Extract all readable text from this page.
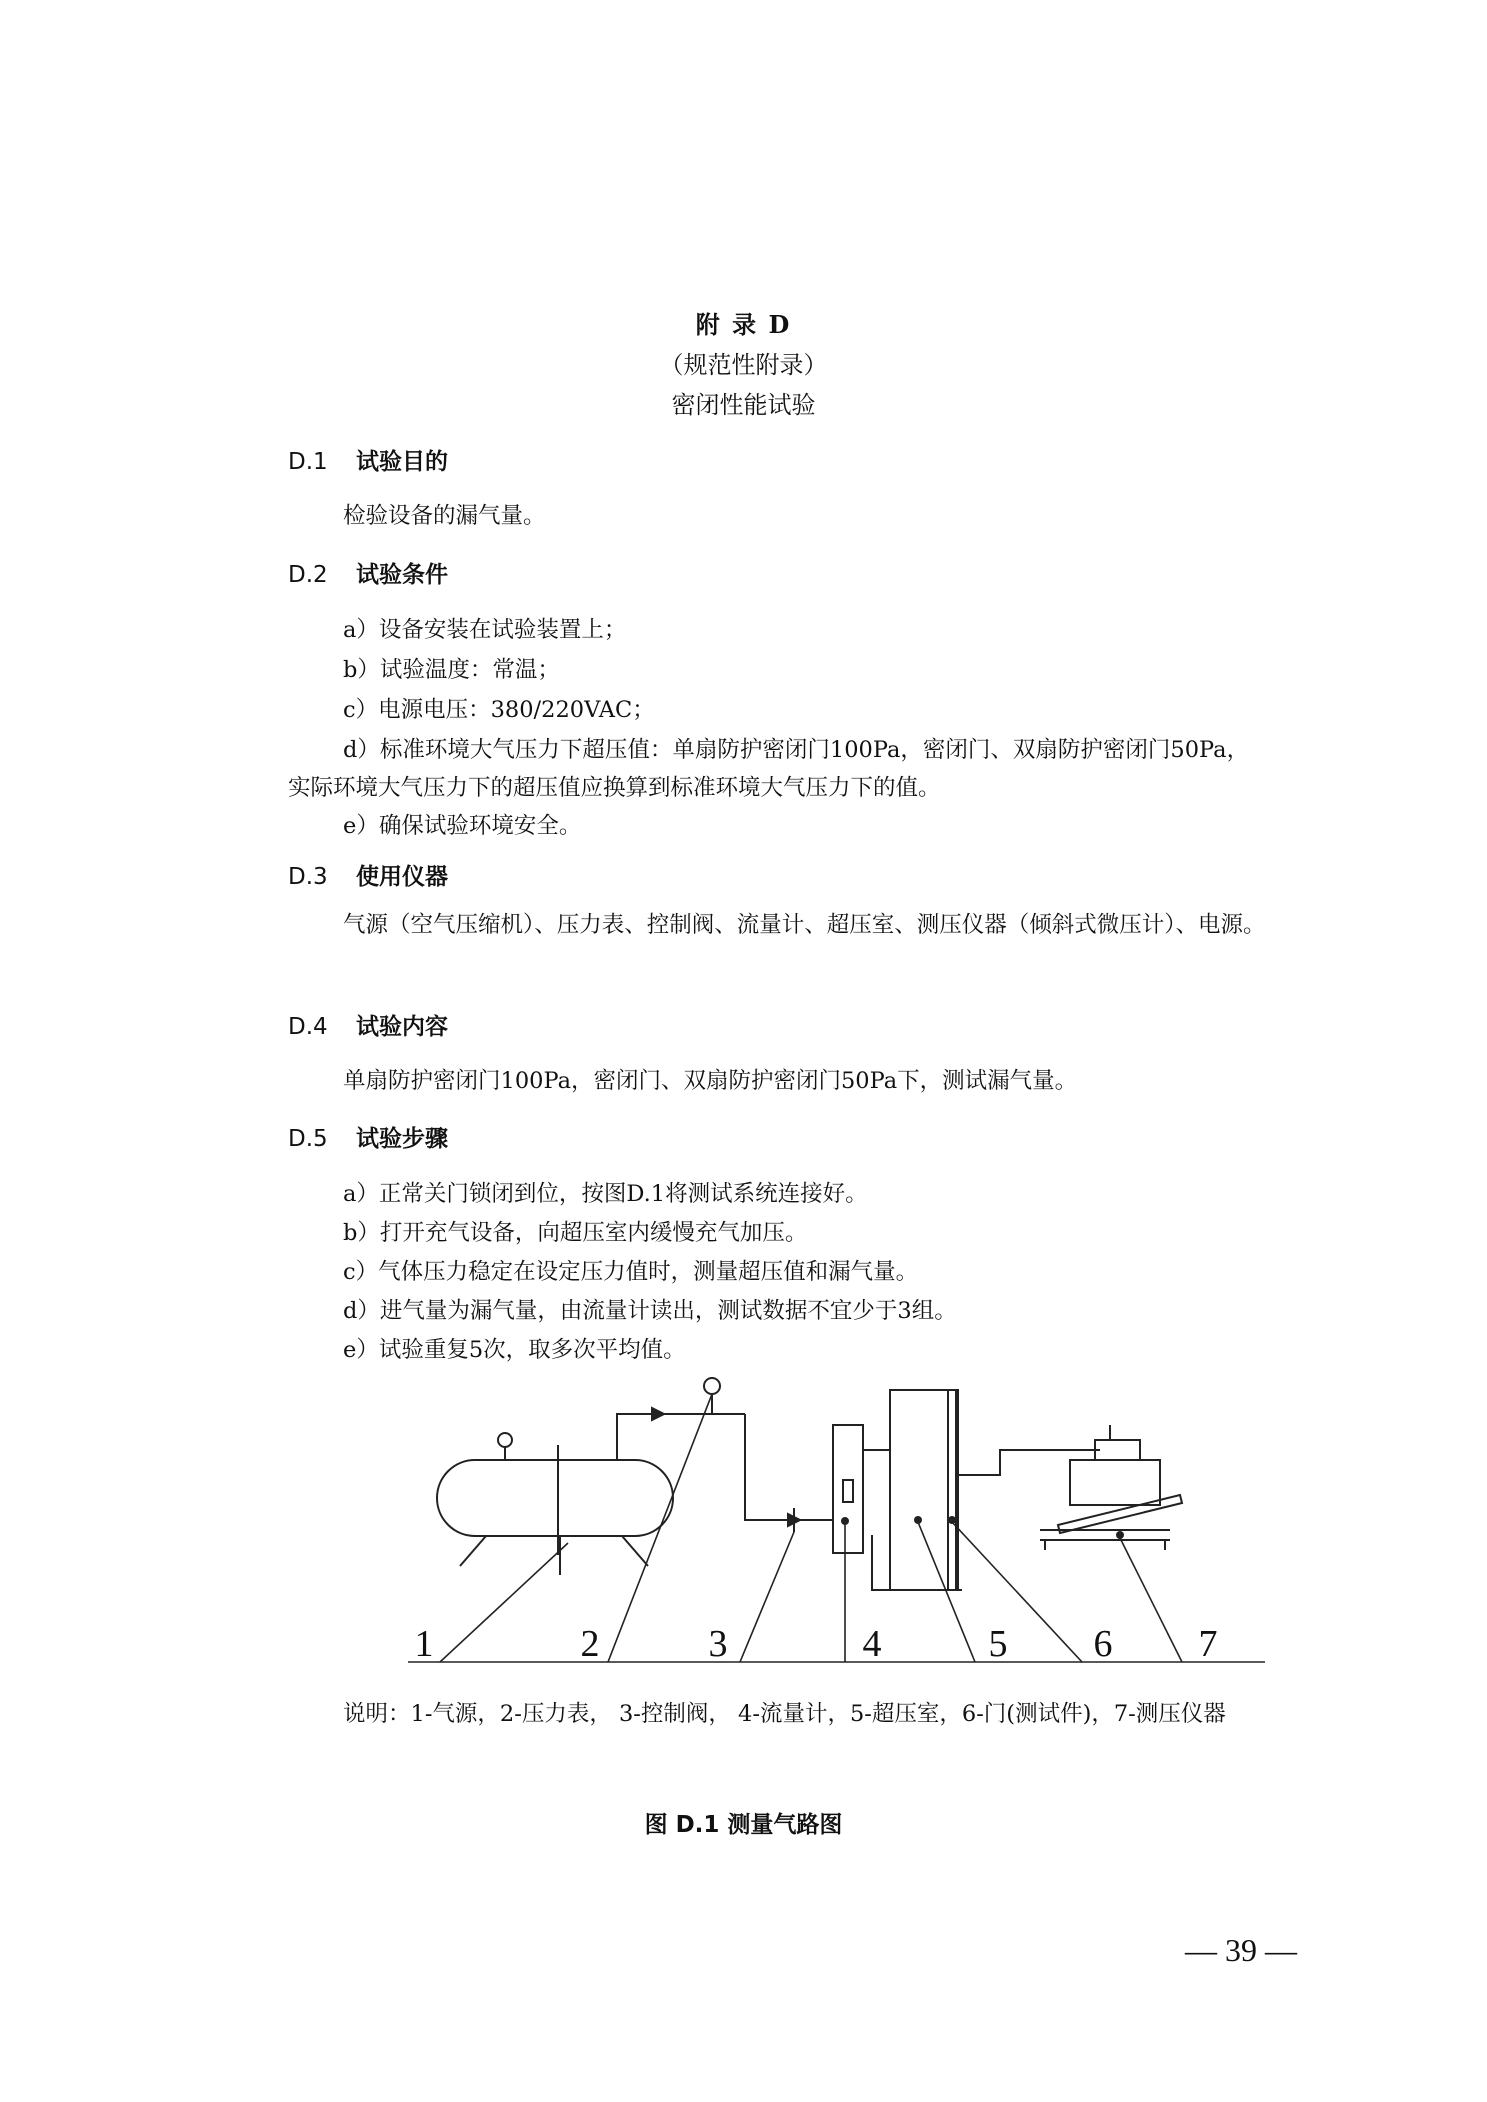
附 录 D
（规范性附录）
密闭性能试验
D.1 试验目的
检验设备的漏气量。
D.2 试验条件
a）设备安装在试验装置上；
b）试验温度：常温；
c）电源电压：380/220VAC；
d）标准环境大气压力下超压值：单扇防护密闭门100Pa，密闭门、双扇防护密闭门50Pa，
实际环境大气压力下的超压值应换算到标准环境大气压力下的值。
e）确保试验环境安全。
D.3 使用仪器
气源（空气压缩机）、压力表、控制阀、流量计、超压室、测压仪器（倾斜式微压计）、电源。
D.4 试验内容
单扇防护密闭门100Pa，密闭门、双扇防护密闭门50Pa下，测试漏气量。
D.5 试验步骤
a）正常关门锁闭到位，按图D.1将测试系统连接好。
b）打开充气设备，向超压室内缓慢充气加压。
c）气体压力稳定在设定压力值时，测量超压值和漏气量。
d）进气量为漏气量，由流量计读出，测试数据不宜少于3组。
e）试验重复5次，取多次平均值。
1	2	3	4	5 6 7
说明：1-气源，2-压力表， 3-控制阀， 4-流量计，5-超压室，6-门(测试件)，7-测压仪器
图 D.1 测量气路图
— 39 —
